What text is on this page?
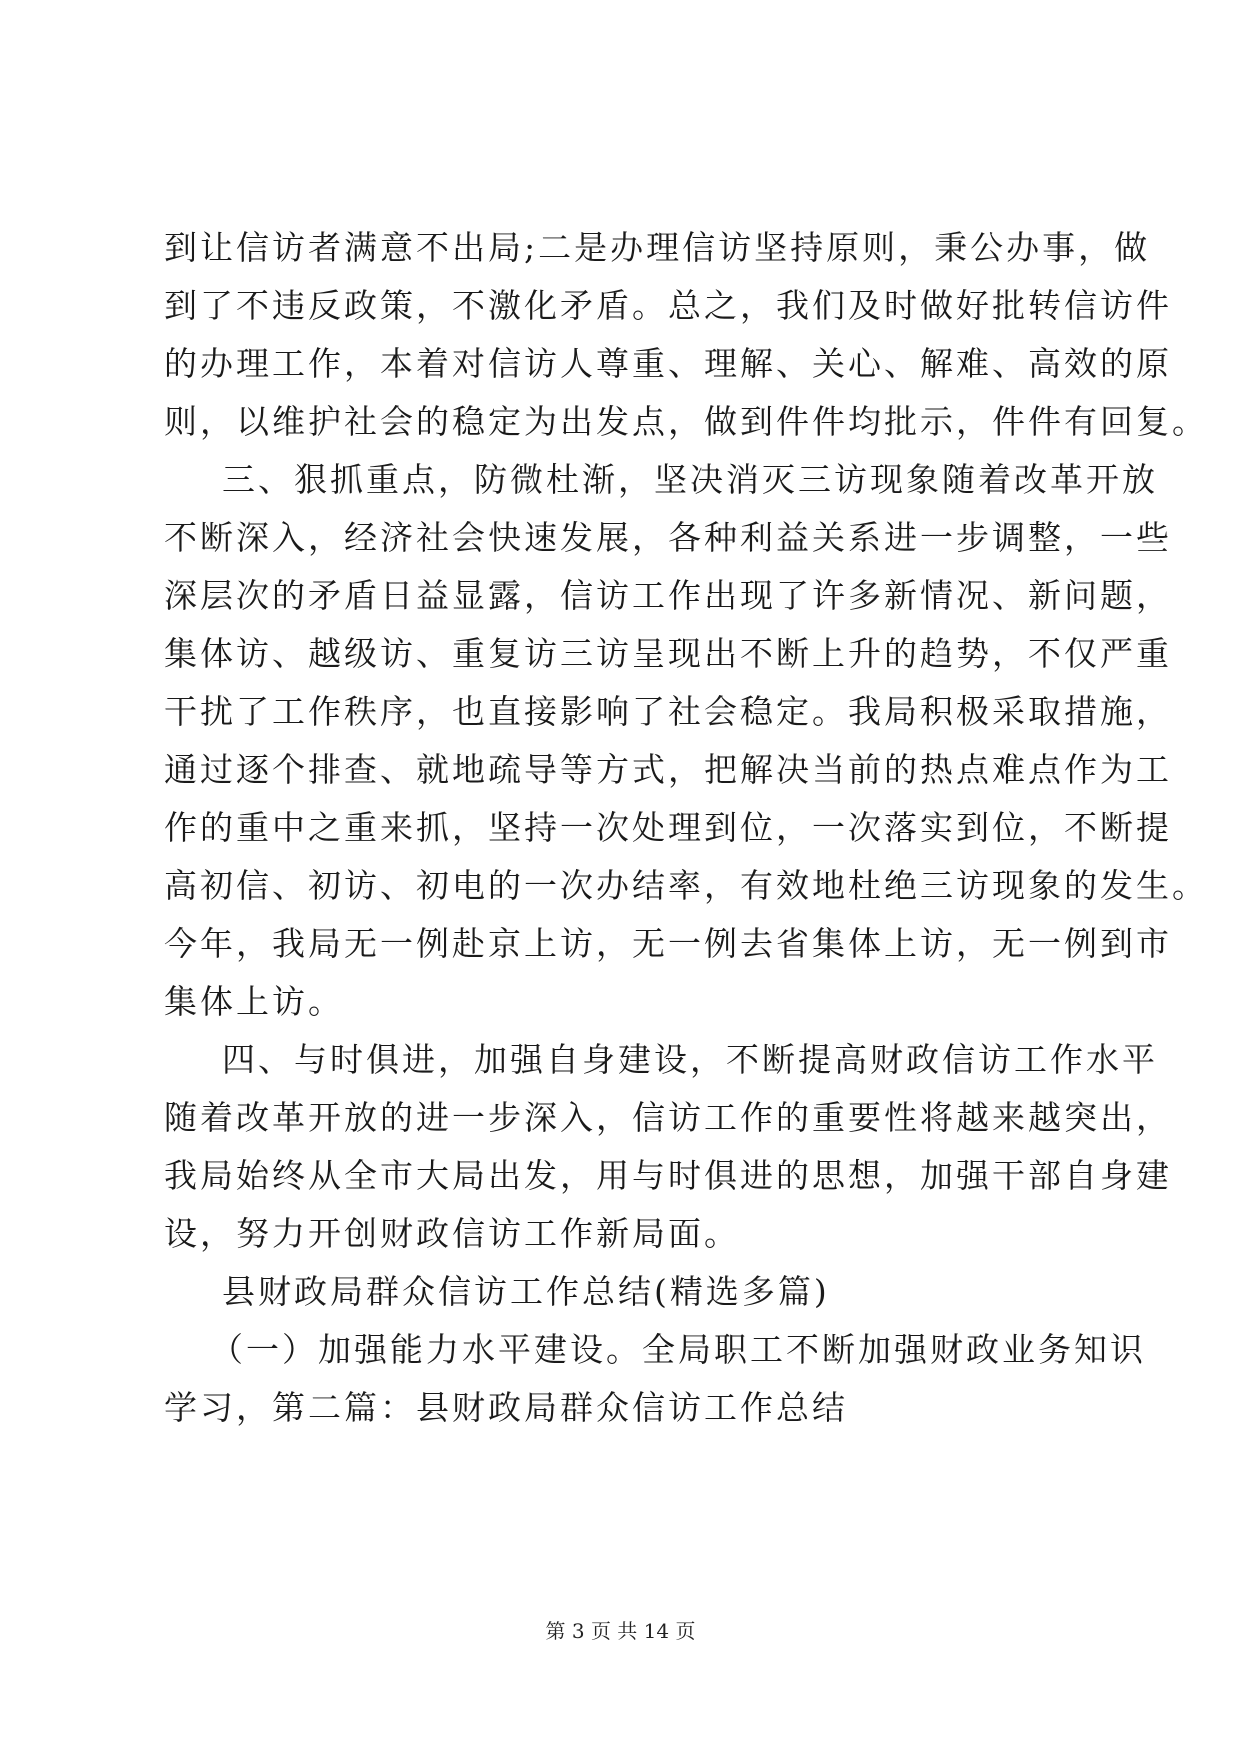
到让信访者满意不出局;二是办理信访坚持原则，秉公办事，做
到了不违反政策，不激化矛盾。总之，我们及时做好批转信访件
的办理工作，本着对信访人尊重、理解、关心、解难、高效的原
则，以维护社会的稳定为出发点，做到件件均批示，件件有回复。
三、狠抓重点，防微杜渐，坚决消灭三访现象随着改革开放
不断深入，经济社会快速发展，各种利益关系进一步调整，一些
深层次的矛盾日益显露，信访工作出现了许多新情况、新问题，
集体访、越级访、重复访三访呈现出不断上升的趋势，不仅严重
干扰了工作秩序，也直接影响了社会稳定。我局积极采取措施，
通过逐个排查、就地疏导等方式，把解决当前的热点难点作为工
作的重中之重来抓，坚持一次处理到位，一次落实到位，不断提
高初信、初访、初电的一次办结率，有效地杜绝三访现象的发生。
今年，我局无一例赴京上访，无一例去省集体上访，无一例到市
集体上访。
四、与时俱进，加强自身建设，不断提高财政信访工作水平
随着改革开放的进一步深入，信访工作的重要性将越来越突出，
我局始终从全市大局出发，用与时俱进的思想，加强干部自身建
设，努力开创财政信访工作新局面。
县财政局群众信访工作总结(精选多篇)
（一）加强能力水平建设。全局职工不断加强财政业务知识
学习，第二篇：县财政局群众信访工作总结
第 3 页 共 14 页
